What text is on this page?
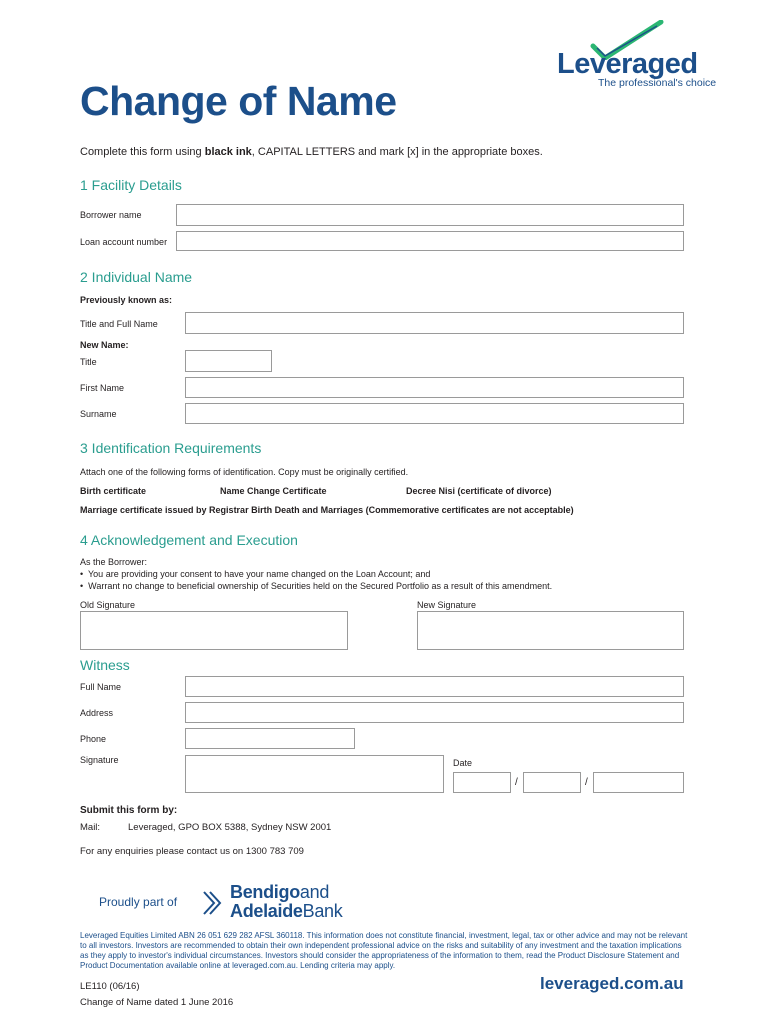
Leveraged
The professional's choice
Change of Name
Complete this form using black ink, CAPITAL LETTERS and mark [x] in the appropriate boxes.
1 Facility Details
Borrower name
Loan account number
2 Individual Name
Previously known as:
Title and Full Name
New Name:
Title
First Name
Surname
3 Identification Requirements
Attach one of the following forms of identification. Copy must be originally certified.
Birth certificate	Name Change Certificate	Decree Nisi (certificate of divorce)
Marriage certificate issued by Registrar Birth Death and Marriages (Commemorative certificates are not acceptable)
4 Acknowledgement and Execution
As the Borrower:
•  You are providing your consent to have your name changed on the Loan Account; and
•  Warrant no change to beneficial ownership of Securities held on the Secured Portfolio as a result of this amendment.
Old Signature	New Signature
Witness
Full Name
Address
Phone
Signature	Date
/	/
Submit this form by:
Mail:	Leveraged, GPO BOX 5388, Sydney NSW 2001
For any enquiries please contact us on 1300 783 709
Proudly part of	Bendigoand
AdelaideBank
Leveraged Equities Limited ABN 26 051 629 282 AFSL 360118. This information does not constitute financial, investment, legal, tax or other advice and may not be relevant to all investors. Investors are recommended to obtain their own independent professional advice on the risks and suitability of any investment and the taxation implications as they apply to investor's individual circumstances. Investors should consider the appropriateness of the information to them, read the Product Disclosure Statement and Product Documentation available online at leveraged.com.au. Lending criteria may apply.
LE110 (06/16)
Change of Name dated 1 June 2016
leveraged.com.au
